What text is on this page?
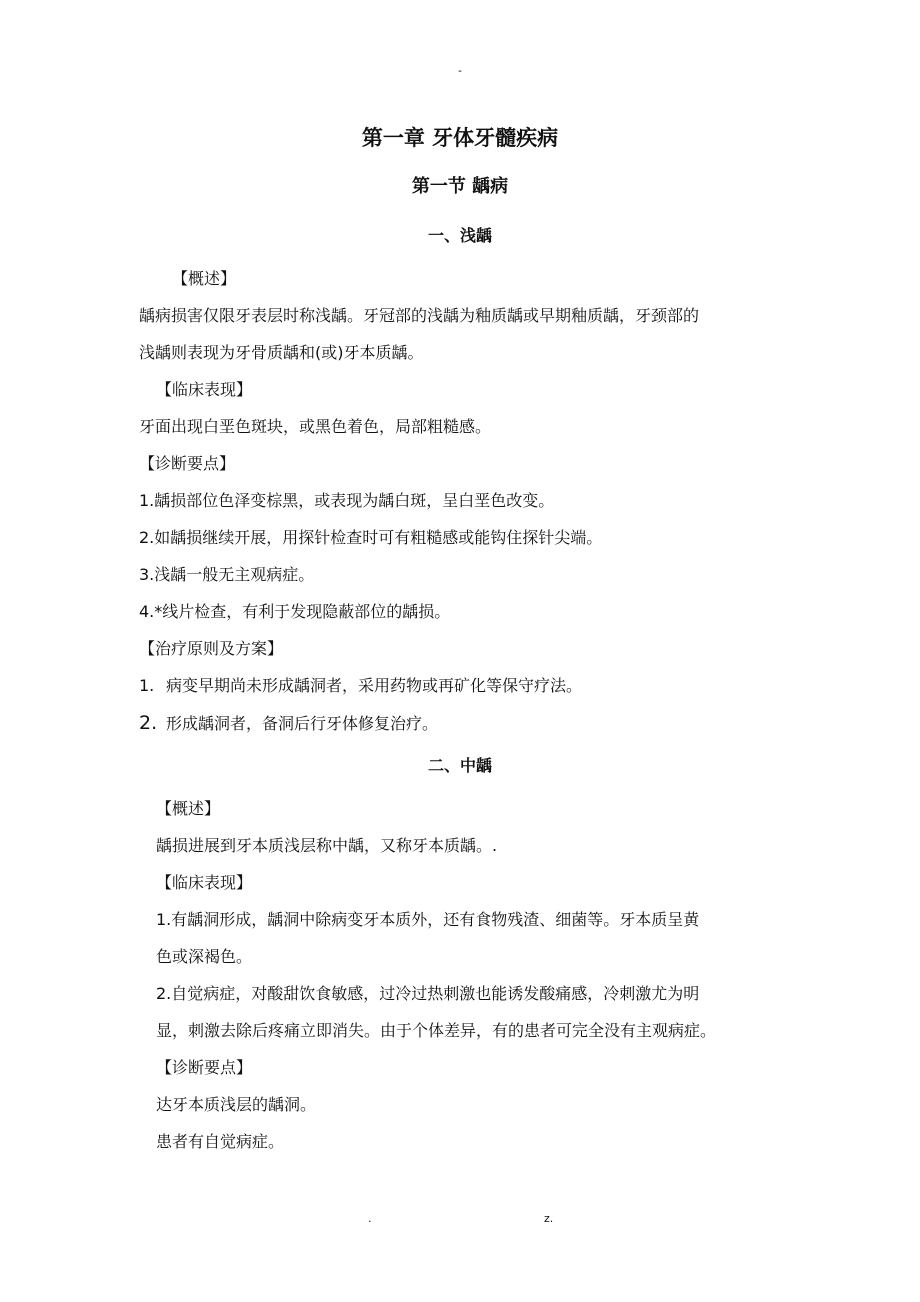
-
第一章 牙体牙髓疾病
第一节 龋病
一、浅龋
【概述】
龋病损害仅限牙表层时称浅龋。牙冠部的浅龋为釉质龋或早期釉质龋，牙颈部的
浅龋则表现为牙骨质龋和(或)牙本质龋。
【临床表现】
牙面出现白垩色斑块，或黑色着色，局部粗糙感。
【诊断要点】
1.龋损部位色泽变棕黑，或表现为龋白斑，呈白垩色改变。
2.如龋损继续开展，用探针检查时可有粗糙感或能钩住探针尖端。
3.浅龋一般无主观病症。
4.*线片检查，有利于发现隐蔽部位的龋损。
【治疗原则及方案】
1. 病变早期尚未形成龋洞者，采用药物或再矿化等保守疗法。
2. 形成龋洞者，备洞后行牙体修复治疗。
二、中龋
【概述】
龋损进展到牙本质浅层称中龋，又称牙本质龋。.
【临床表现】
1.有龋洞形成，龋洞中除病变牙本质外，还有食物残渣、细菌等。牙本质呈黄
色或深褐色。
2.自觉病症，对酸甜饮食敏感，过冷过热刺激也能诱发酸痛感，冷刺激尤为明
显，刺激去除后疼痛立即消失。由于个体差异，有的患者可完全没有主观病症。
【诊断要点】
达牙本质浅层的龋洞。
患者有自觉病症。
.	z.
